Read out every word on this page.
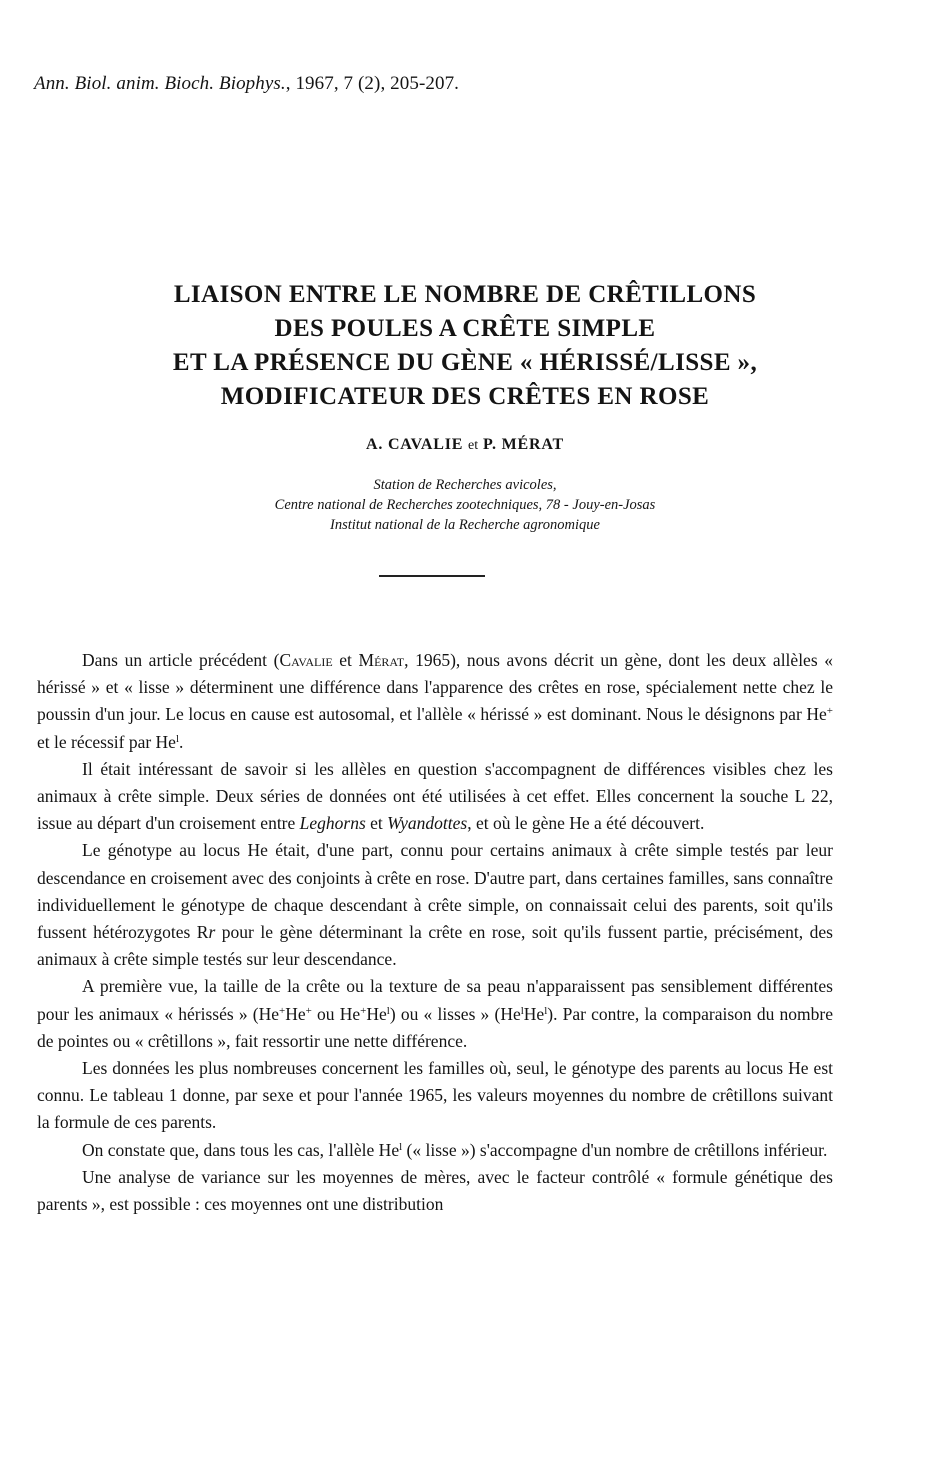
Ann. Biol. anim. Bioch. Biophys., 1967, 7 (2), 205-207.
LIAISON ENTRE LE NOMBRE DE CRÊTILLONS
DES POULES A CRÊTE SIMPLE
ET LA PRÉSENCE DU GÈNE « HÉRISSÉ/LISSE »,
MODIFICATEUR DES CRÊTES EN ROSE
A. CAVALIE et P. MÉRAT
Station de Recherches avicoles,
Centre national de Recherches zootechniques, 78 - Jouy-en-Josas
Institut national de la Recherche agronomique

Dans un article précédent (Cavalie et Mérat, 1965), nous avons décrit un gène, dont les deux allèles « hérissé » et « lisse » déterminent une différence dans l'apparence des crêtes en rose, spécialement nette chez le poussin d'un jour. Le locus en cause est autosomal, et l'allèle « hérissé » est dominant. Nous le désignons par He+ et le récessif par He$^l$.

Il était intéressant de savoir si les allèles en question s'accompagnent de différences visibles chez les animaux à crête simple. Deux séries de données ont été utilisées à cet effet. Elles concernent la souche L 22, issue au départ d'un croisement entre Leghorns et Wyandottes, et où le gène He a été découvert.

Le génotype au locus He était, d'une part, connu pour certains animaux à crête simple testés par leur descendance en croisement avec des conjoints à crête en rose. D'autre part, dans certaines familles, sans connaître individuellement le génotype de chaque descendant à crête simple, on connaissait celui des parents, soit qu'ils fussent hétérozygotes Rr pour le gène déterminant la crête en rose, soit qu'ils fussent partie, précisément, des animaux à crête simple testés sur leur descendance.

A première vue, la taille de la crête ou la texture de sa peau n'apparaissent pas sensiblement différentes pour les animaux « hérissés » (He+He+ ou He+He$^l$) ou « lisses » (He$^l$He$^l$). Par contre, la comparaison du nombre de pointes ou « crêtillons », fait ressortir une nette différence.

Les données les plus nombreuses concernent les familles où, seul, le génotype des parents au locus He est connu. Le tableau 1 donne, par sexe et pour l'année 1965, les valeurs moyennes du nombre de crêtillons suivant la formule de ces parents.

On constate que, dans tous les cas, l'allèle He$^l$ (« lisse ») s'accompagne d'un nombre de crêtillons inférieur.

Une analyse de variance sur les moyennes de mères, avec le facteur contrôlé « formule génétique des parents », est possible : ces moyennes ont une distribution
